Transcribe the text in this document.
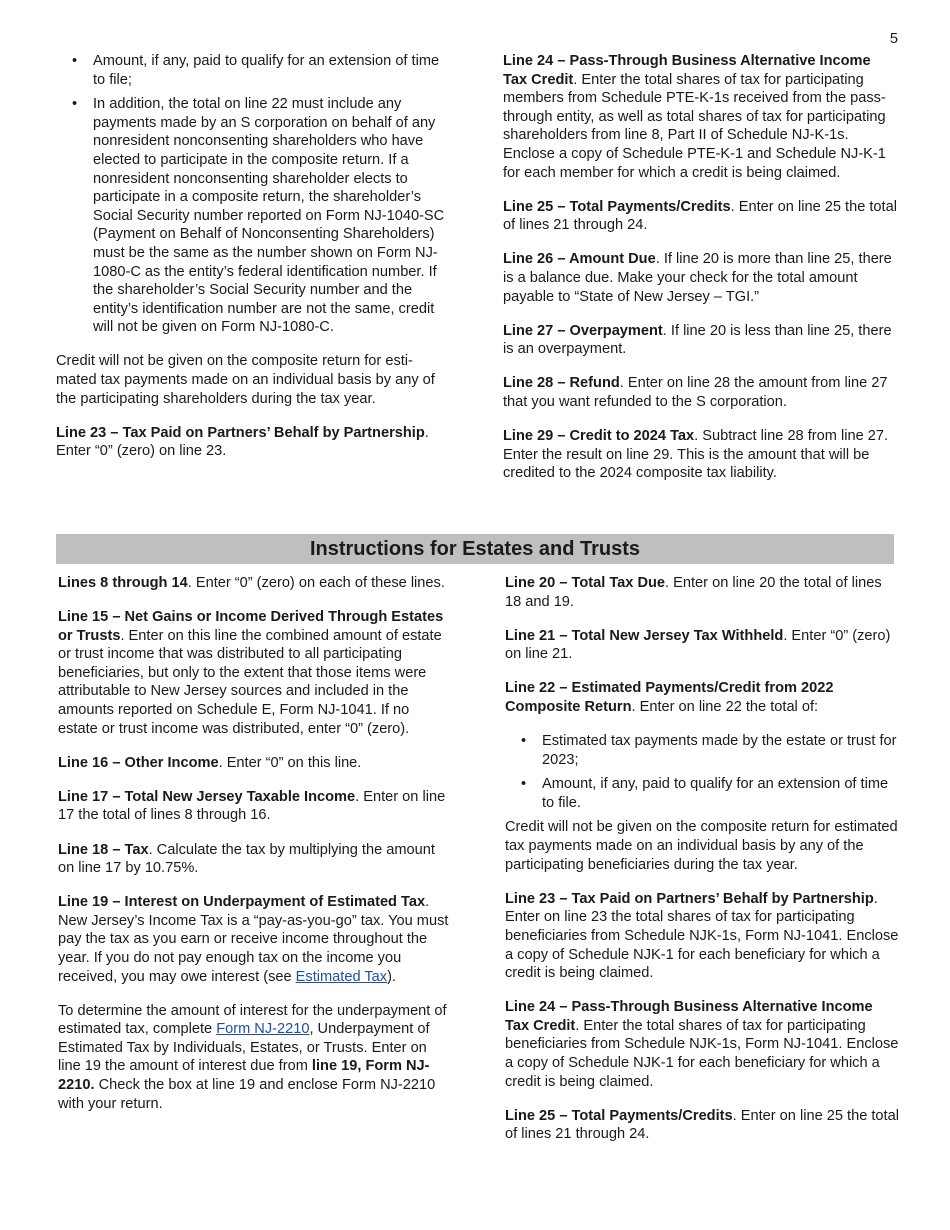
5
• Amount, if any, paid to qualify for an extension of time to file;
• In addition, the total on line 22 must include any payments made by an S corporation on behalf of any nonresident nonconsenting shareholders who have elected to participate in the composite return. If a nonresident nonconsenting shareholder elects to participate in a composite return, the shareholder’s Social Security number reported on Form NJ-1040-SC (Payment on Behalf of Nonconsenting Shareholders) must be the same as the number shown on Form NJ-1080-C as the entity’s federal identification number. If the shareholder’s Social Security number and the entity’s identification number are not the same, credit will not be given on Form NJ-1080-C.

Credit will not be given on the composite return for estimated tax payments made on an individual basis by any of the participating shareholders during the tax year.

Line 23 – Tax Paid on Partners’ Behalf by Partnership. Enter “0” (zero) on line 23.

Line 24 – Pass-Through Business Alternative Income Tax Credit. Enter the total shares of tax for participating members from Schedule PTE-K-1s received from the pass-through entity, as well as total shares of tax for participating shareholders from line 8, Part II of Schedule NJ-K-1s. Enclose a copy of Schedule PTE-K-1 and Schedule NJ-K-1 for each member for which a credit is being claimed.

Line 25 – Total Payments/Credits. Enter on line 25 the total of lines 21 through 24.

Line 26 – Amount Due. If line 20 is more than line 25, there is a balance due. Make your check for the total amount payable to “State of New Jersey – TGI.”

Line 27 – Overpayment. If line 20 is less than line 25, there is an overpayment.

Line 28 – Refund. Enter on line 28 the amount from line 27 that you want refunded to the S corporation.

Line 29 – Credit to 2024 Tax. Subtract line 28 from line 27. Enter the result on line 29. This is the amount that will be credited to the 2024 composite tax liability.

Instructions for Estates and Trusts

Lines 8 through 14. Enter “0” (zero) on each of these lines.

Line 15 – Net Gains or Income Derived Through Estates or Trusts. Enter on this line the combined amount of estate or trust income that was distributed to all participating beneficiaries, but only to the extent that those items were attributable to New Jersey sources and included in the amounts reported on Schedule E, Form NJ-1041. If no estate or trust income was distributed, enter “0” (zero).

Line 16 – Other Income. Enter “0” on this line.

Line 17 – Total New Jersey Taxable Income. Enter on line 17 the total of lines 8 through 16.

Line 18 – Tax. Calculate the tax by multiplying the amount on line 17 by 10.75%.

Line 19 – Interest on Underpayment of Estimated Tax. New Jersey’s Income Tax is a “pay-as-you-go” tax. You must pay the tax as you earn or receive income throughout the year. If you do not pay enough tax on the income you received, you may owe interest (see Estimated Tax).

To determine the amount of interest for the underpayment of estimated tax, complete Form NJ-2210, Underpayment of Estimated Tax by Individuals, Estates, or Trusts. Enter on line 19 the amount of interest due from line 19, Form NJ-2210. Check the box at line 19 and enclose Form NJ-2210 with your return.

Line 20 – Total Tax Due. Enter on line 20 the total of lines 18 and 19.

Line 21 – Total New Jersey Tax Withheld. Enter “0” (zero) on line 21.

Line 22 – Estimated Payments/Credit from 2022 Composite Return. Enter on line 22 the total of:

• Estimated tax payments made by the estate or trust for 2023;
• Amount, if any, paid to qualify for an extension of time to file.

Credit will not be given on the composite return for estimated tax payments made on an individual basis by any of the participating beneficiaries during the tax year.

Line 23 – Tax Paid on Partners’ Behalf by Partnership. Enter on line 23 the total shares of tax for participating beneficiaries from Schedule NJK-1s, Form NJ-1041. Enclose a copy of Schedule NJK-1 for each beneficiary for which a credit is being claimed.

Line 24 – Pass-Through Business Alternative Income Tax Credit. Enter the total shares of tax for participating beneficiaries from Schedule NJK-1s, Form NJ-1041. Enclose a copy of Schedule NJK-1 for each beneficiary for which a credit is being claimed.

Line 25 – Total Payments/Credits. Enter on line 25 the total of lines 21 through 24.
